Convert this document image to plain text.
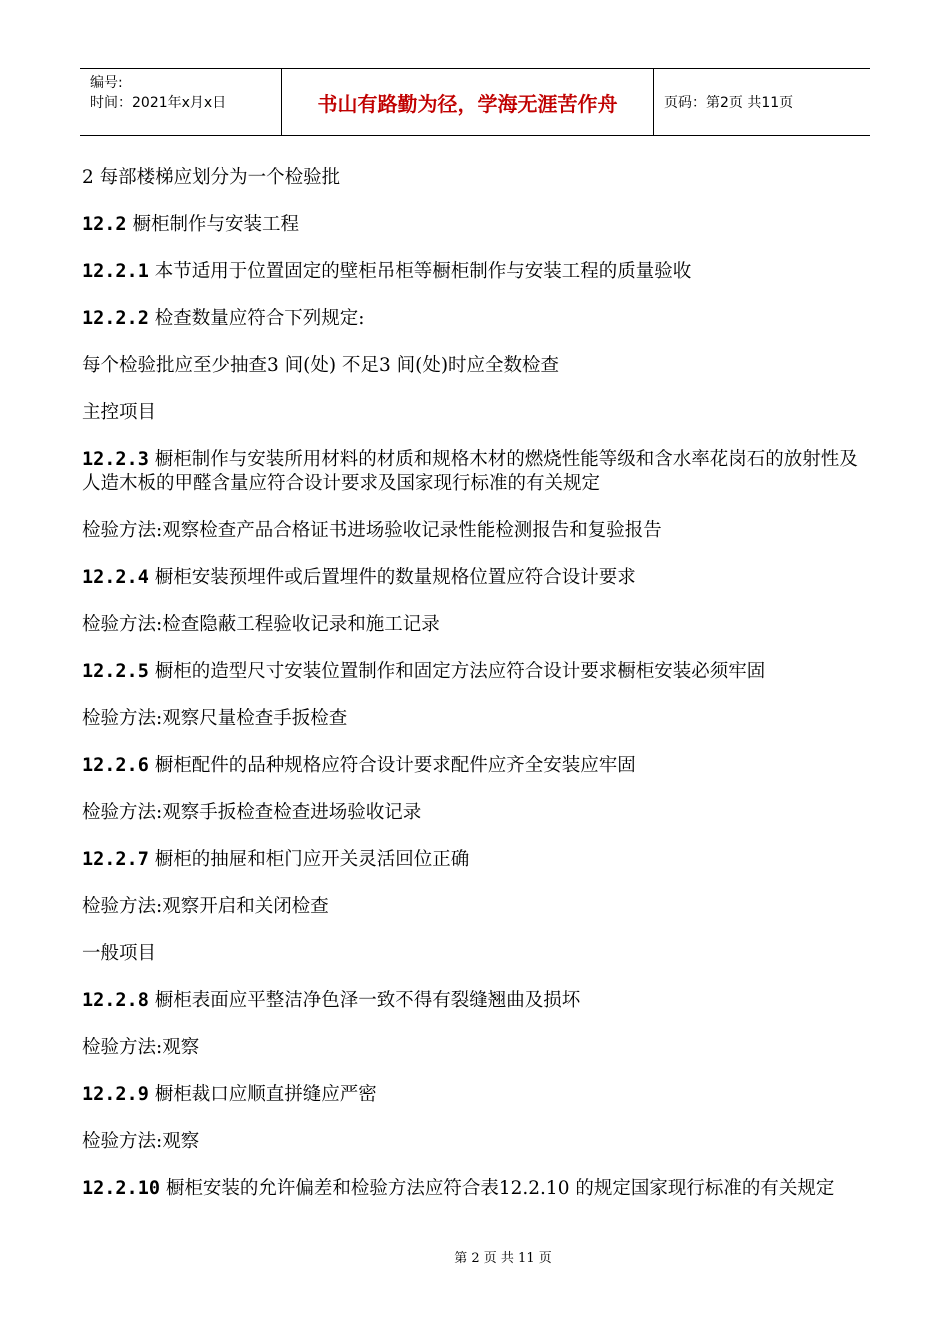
编号:
时间：2021年x月x日	书山有路勤为径，学海无涯苦作舟	页码：第2页 共11页

2 每部楼梯应划分为一个检验批

12.2 橱柜制作与安装工程

12.2.1 本节适用于位置固定的壁柜吊柜等橱柜制作与安装工程的质量验收

12.2.2 检查数量应符合下列规定:

每个检验批应至少抽查3 间(处) 不足3 间(处)时应全数检查

主控项目

12.2.3 橱柜制作与安装所用材料的材质和规格木材的燃烧性能等级和含水率花岗石的放射性及人造木板的甲醛含量应符合设计要求及国家现行标准的有关规定

检验方法:观察检查产品合格证书进场验收记录性能检测报告和复验报告

12.2.4 橱柜安装预埋件或后置埋件的数量规格位置应符合设计要求

检验方法:检查隐蔽工程验收记录和施工记录

12.2.5 橱柜的造型尺寸安装位置制作和固定方法应符合设计要求橱柜安装必须牢固

检验方法:观察尺量检查手扳检查

12.2.6 橱柜配件的品种规格应符合设计要求配件应齐全安装应牢固

检验方法:观察手扳检查检查进场验收记录

12.2.7 橱柜的抽屉和柜门应开关灵活回位正确

检验方法:观察开启和关闭检查

一般项目

12.2.8 橱柜表面应平整洁净色泽一致不得有裂缝翘曲及损坏

检验方法:观察

12.2.9 橱柜裁口应顺直拼缝应严密

检验方法:观察

12.2.10 橱柜安装的允许偏差和检验方法应符合表12.2.10 的规定国家现行标准的有关规定

第 2 页 共 11 页
